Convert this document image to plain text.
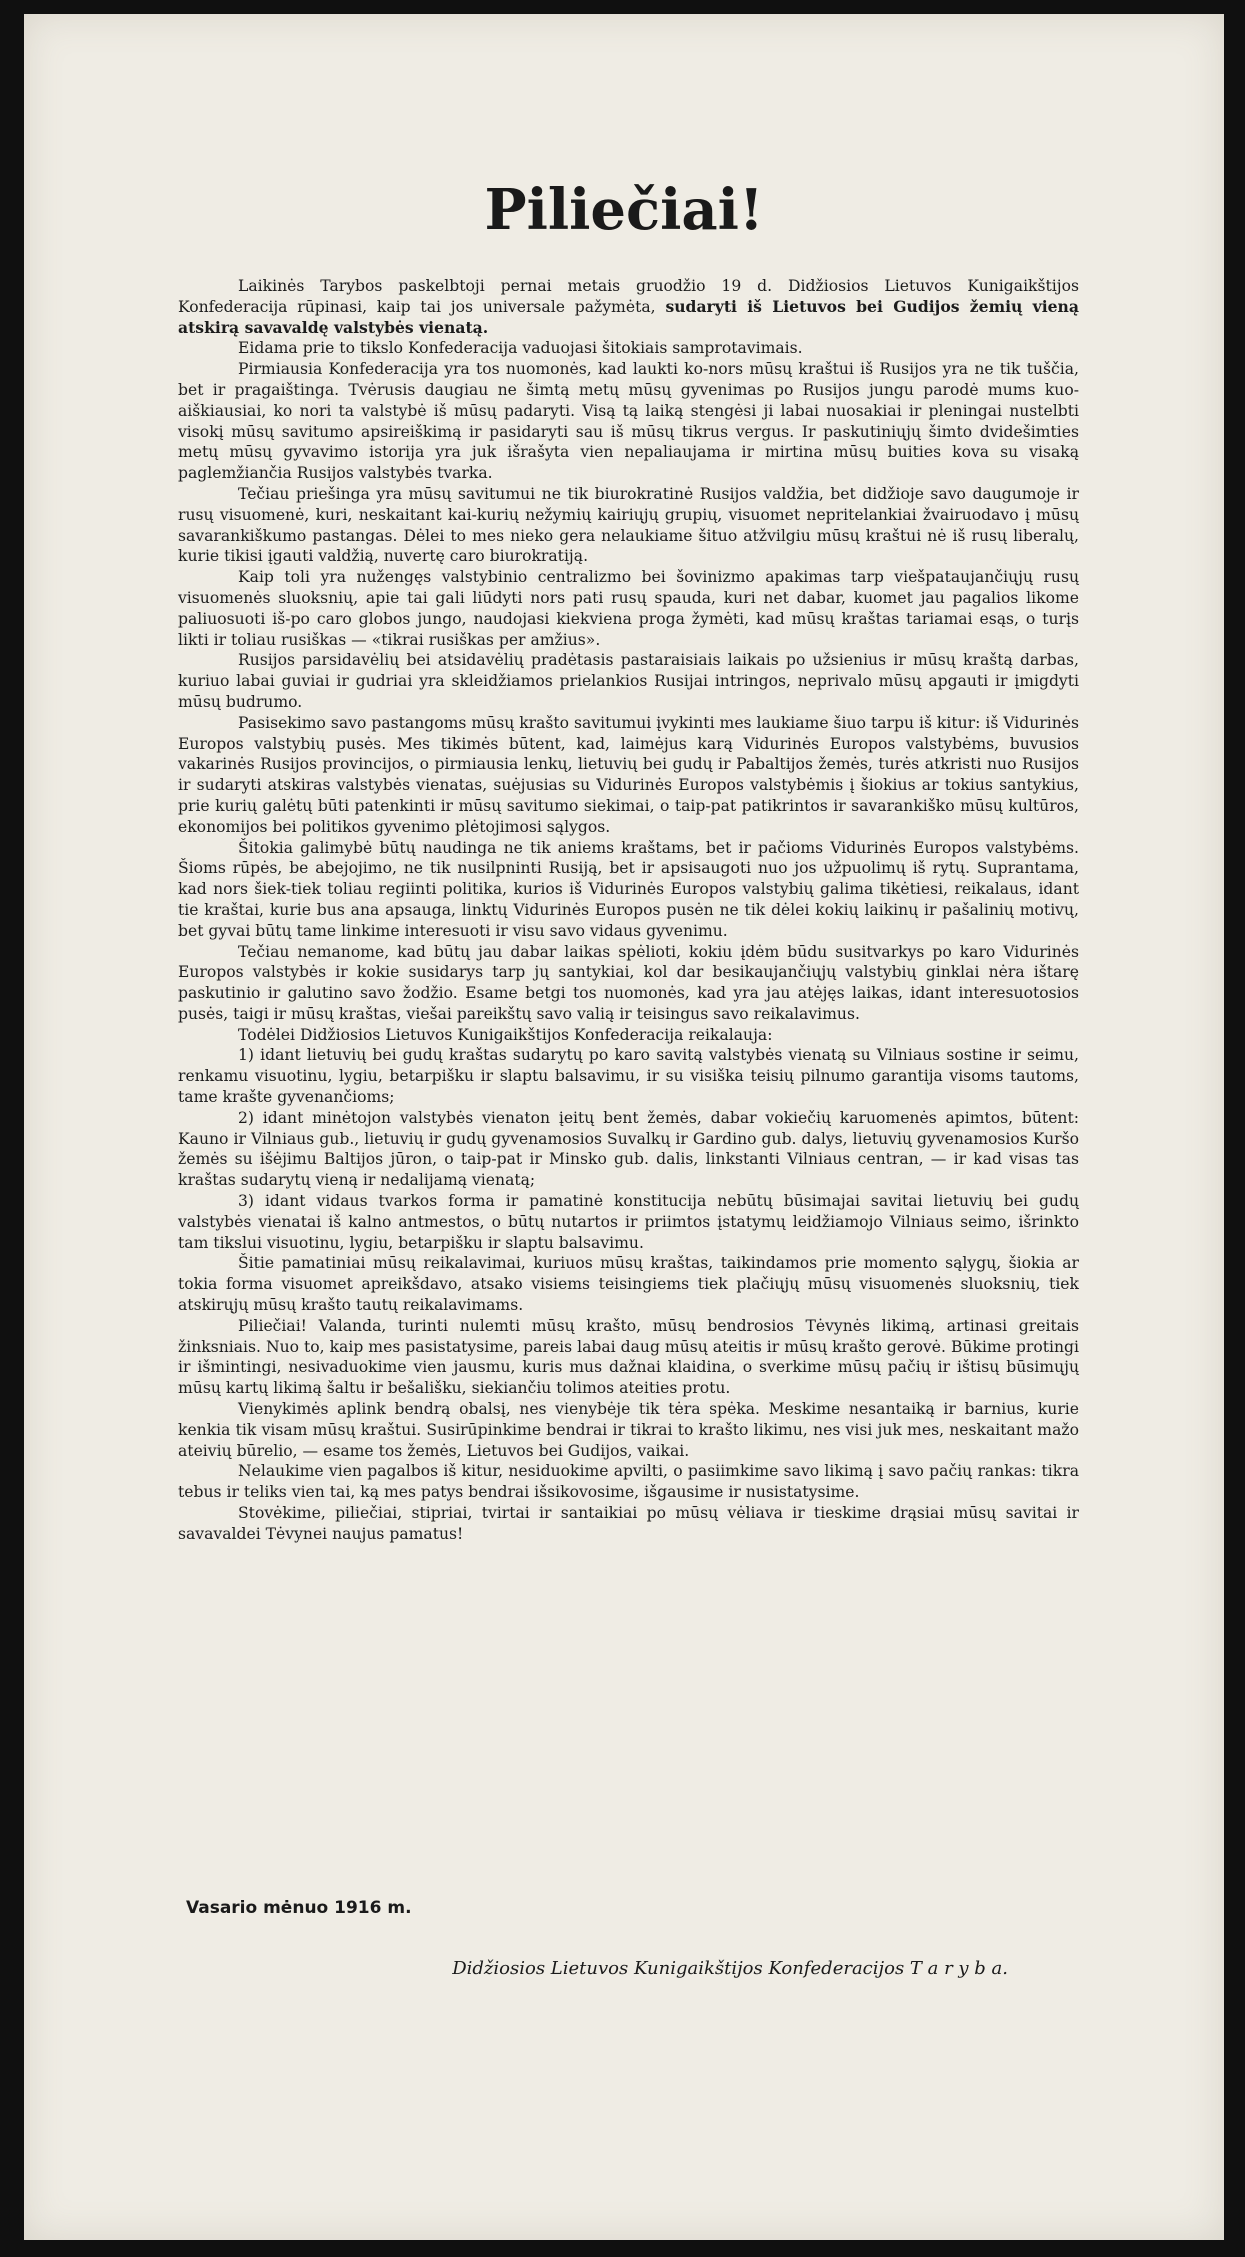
Piliečiai!

Laikinės Tarybos paskelbtoji pernai metais gruodžio 19 d. Didžiosios Lietuvos Kunigaikštijos Konfederacija rūpinasi, kaip tai jos universale pažymėta, sudaryti iš Lietuvos bei Gudijos žemių vieną atskirą savavaldę valstybės vienatą.

Eidama prie to tikslo Konfederacija vaduojasi šitokiais samprotavimais.

Pirmiausia Konfederacija yra tos nuomonės, kad laukti ko-nors mūsų kraštui iš Rusijos yra ne tik tuščia, bet ir pragaištinga. Tvėrusis daugiau ne šimtą metų mūsų gyvenimas po Rusijos jungu parodė mums kuo-aiškiausiai, ko nori ta valstybė iš mūsų padaryti. Visą tą laiką stengėsi ji labai nuosakiai ir pleningai nustelbti visokį mūsų savitumo apsireiškimą ir pasidaryti sau iš mūsų tikrus vergus. Ir paskutiniųjų šimto dvidešimties metų mūsų gyvavimo istorija yra juk išrašyta vien nepaliaujama ir mirtina mūsų buities kova su visaką paglemžiančia Rusijos valstybės tvarka.

Tečiau priešinga yra mūsų savitumui ne tik biurokratinė Rusijos valdžia, bet didžioje savo daugumoje ir rusų visuomenė, kuri, neskaitant kai-kurių nežymių kairiųjų grupių, visuomet nepritelankiai žvairuodavo į mūsų savarankiškumo pastangas. Dėlei to mes nieko gera nelaukiame šituo atžvilgiu mūsų kraštui nė iš rusų liberalų, kurie tikisi įgauti valdžią, nuvertę caro biurokratiją.

Kaip toli yra nužengęs valstybinio centralizmo bei šovinizmo apakimas tarp viešpataujančiųjų rusų visuomenės sluoksnių, apie tai gali liūdyti nors pati rusų spauda, kuri net dabar, kuomet jau pagalios likome paliuosuoti iš-po caro globos jungo, naudojasi kiekviena proga žymėti, kad mūsų kraštas tariamai esąs, o turįs likti ir toliau rusiškas — «tikrai rusiškas per amžius».

Rusijos parsidavėlių bei atsidavėlių pradėtasis pastaraisiais laikais po užsienius ir mūsų kraštą darbas, kuriuo labai guviai ir gudriai yra skleidžiamos prielankios Rusijai intringos, neprivalo mūsų apgauti ir įmigdyti mūsų budrumo.

Pasisekimo savo pastangoms mūsų krašto savitumui įvykinti mes laukiame šiuo tarpu iš kitur: iš Vidurinės Europos valstybių pusės. Mes tikimės būtent, kad, laimėjus karą Vidurinės Europos valstybėms, buvusios vakarinės Rusijos provincijos, o pirmiausia lenkų, lietuvių bei gudų ir Pabaltijos žemės, turės atkristi nuo Rusijos ir sudaryti atskiras valstybės vienatas, suėjusias su Vidurinės Europos valstybėmis į šiokius ar tokius santykius, prie kurių galėtų būti patenkinti ir mūsų savitumo siekimai, o taip-pat patikrintos ir savarankiško mūsų kultūros, ekonomijos bei politikos gyvenimo plėtojimosi sąlygos.

Šitokia galimybė būtų naudinga ne tik aniems kraštams, bet ir pačioms Vidurinės Europos valstybėms. Šioms rūpės, be abejojimo, ne tik nusilpninti Rusiją, bet ir apsisaugoti nuo jos užpuolimų iš rytų. Suprantama, kad nors šiek-tiek toliau regiinti politika, kurios iš Vidurinės Europos valstybių galima tikėtiesi, reikalaus, idant tie kraštai, kurie bus ana apsauga, linktų Vidurinės Europos pusėn ne tik dėlei kokių laikinų ir pašalinių motivų, bet gyvai būtų tame linkime interesuoti ir visu savo vidaus gyvenimu.

Tečiau nemanome, kad būtų jau dabar laikas spėlioti, kokiu įdėm būdu susitvarkys po karo Vidurinės Europos valstybės ir kokie susidarys tarp jų santykiai, kol dar besikaujančiųjų valstybių ginklai nėra ištarę paskutinio ir galutino savo žodžio. Esame betgi tos nuomonės, kad yra jau atėjęs laikas, idant interesuotosios pusės, taigi ir mūsų kraštas, viešai pareikštų savo valią ir teisingus savo reikalavimus.

Todėlei Didžiosios Lietuvos Kunigaikštijos Konfederacija reikalauja:

1) idant lietuvių bei gudų kraštas sudarytų po karo savitą valstybės vienatą su Vilniaus sostine ir seimu, renkamu visuotinu, lygiu, betarpišku ir slaptu balsavimu, ir su visiška teisių pilnumo garantija visoms tautoms, tame krašte gyvenančioms;

2) idant minėtojon valstybės vienaton įeitų bent žemės, dabar vokiečių karuomenės apimtos, būtent: Kauno ir Vilniaus gub., lietuvių ir gudų gyvenamosios Suvalkų ir Gardino gub. dalys, lietuvių gyvenamosios Kuršo žemės su išėjimu Baltijos jūron, o taip-pat ir Minsko gub. dalis, linkstanti Vilniaus centran, — ir kad visas tas kraštas sudarytų vieną ir nedalijamą vienatą;

3) idant vidaus tvarkos forma ir pamatinė konstitucija nebūtų būsimajai savitai lietuvių bei gudų valstybės vienatai iš kalno antmestos, o būtų nutartos ir priimtos įstatymų leidžiamojo Vilniaus seimo, išrinkto tam tikslui visuotinu, lygiu, betarpišku ir slaptu balsavimu.

Šitie pamatiniai mūsų reikalavimai, kuriuos mūsų kraštas, taikindamos prie momento sąlygų, šiokia ar tokia forma visuomet apreikšdavo, atsako visiems teisingiems tiek plačiųjų mūsų visuomenės sluoksnių, tiek atskirųjų mūsų krašto tautų reikalavimams.

Piliečiai! Valanda, turinti nulemti mūsų krašto, mūsų bendrosios Tėvynės likimą, artinasi greitais žinksniais. Nuo to, kaip mes pasistatysime, pareis labai daug mūsų ateitis ir mūsų krašto gerovė. Būkime protingi ir išmintingi, nesivaduokime vien jausmu, kuris mus dažnai klaidina, o sverkime mūsų pačių ir ištisų būsimųjų mūsų kartų likimą šaltu ir bešališku, siekiančiu tolimos ateities protu.

Vienykimės aplink bendrą obalsį, nes vienybėje tik tėra spėka. Meskime nesantaiką ir barnius, kurie kenkia tik visam mūsų kraštui. Susirūpinkime bendrai ir tikrai to krašto likimu, nes visi juk mes, neskaitant mažo ateivių būrelio, — esame tos žemės, Lietuvos bei Gudijos, vaikai.

Nelaukime vien pagalbos iš kitur, nesiduokime apvilti, o pasiimkime savo likimą į savo pačių rankas: tikra tebus ir teliks vien tai, ką mes patys bendrai išsikovosime, išgausime ir nusistatysime.

Stovėkime, piliečiai, stipriai, tvirtai ir santaikiai po mūsų vėliava ir tieskime drąsiai mūsų savitai ir savavaldei Tėvynei naujus pamatus!

Vasario mėnuo 1916 m.
Didžiosios Lietuvos Kunigaikštijos Konfederacijos T a r y b a.
